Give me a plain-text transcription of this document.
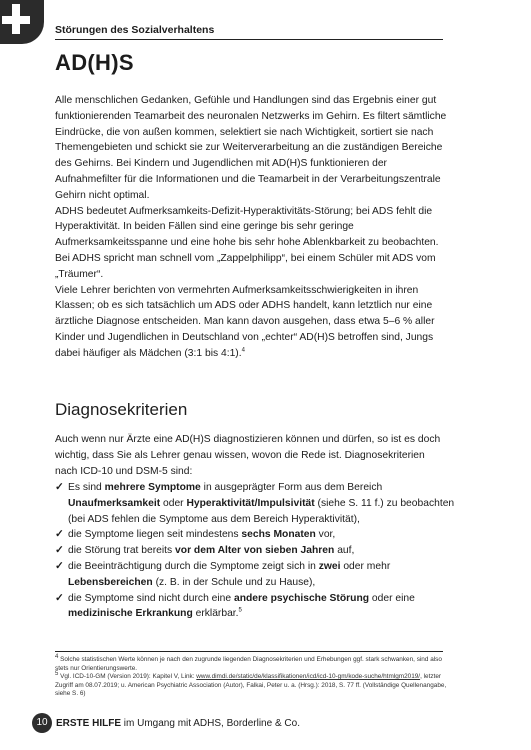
Störungen des Sozialverhaltens
AD(H)S

Alle menschlichen Gedanken, Gefühle und Handlungen sind das Ergebnis einer gut funktionierenden Teamarbeit des neuronalen Netzwerks im Gehirn. Es filtert sämtliche Eindrücke, die von außen kommen, selektiert sie nach Wichtigkeit, sortiert sie nach Themengebieten und schickt sie zur Weiterverarbeitung an die zuständigen Bereiche des Gehirns. Bei Kindern und Jugendlichen mit AD(H)S funktionieren der Aufnahmefilter für die Informationen und die Teamarbeit in der Verarbeitungszentrale Gehirn nicht optimal.

ADHS bedeutet Aufmerksamkeits-Defizit-Hyperaktivitäts-Störung; bei ADS fehlt die Hyperaktivität. In beiden Fällen sind eine geringe bis sehr geringe Aufmerksamkeitsspanne und eine hohe bis sehr hohe Ablenkbarkeit zu beobachten. Bei ADHS spricht man schnell vom „Zappelphilipp“, bei einem Schüler mit ADS vom „Träumer“.

Viele Lehrer berichten von vermehrten Aufmerksamkeitsschwierigkeiten in ihren Klassen; ob es sich tatsächlich um ADS oder ADHS handelt, kann letztlich nur eine ärztliche Diagnose entscheiden. Man kann davon ausgehen, dass etwa 5–6 % aller Kinder und Jugendlichen in Deutschland von „echter“ AD(H)S betroffen sind, Jungs dabei häufiger als Mädchen (3:1 bis 4:1).$^4$

Diagnosekriterien

Auch wenn nur Ärzte eine AD(H)S diagnostizieren können und dürfen, so ist es doch wichtig, dass Sie als Lehrer genau wissen, wovon die Rede ist. Diagnosekriterien nach ICD-10 und DSM-5 sind:

✓ Es sind mehrere Symptome in ausgeprägter Form aus dem Bereich Unaufmerksamkeit oder Hyperaktivität/Impulsivität (siehe S. 11 f.) zu beobachten (bei ADS fehlen die Symptome aus dem Bereich Hyperaktivität),
✓ die Symptome liegen seit mindestens sechs Monaten vor,
✓ die Störung trat bereits vor dem Alter von sieben Jahren auf,
✓ die Beeinträchtigung durch die Symptome zeigt sich in zwei oder mehr Lebensbereichen (z. B. in der Schule und zu Hause),
✓ die Symptome sind nicht durch eine andere psychische Störung oder eine medizinische Erkrankung erklärbar.$^5$

$^4$ Solche statistischen Werte können je nach den zugrunde liegenden Diagnosekriterien und Erhebungen ggf. stark schwanken, sind also stets nur Orientierungswerte.

$^5$ Vgl. ICD-10-GM (Version 2019): Kapitel V, Link: www.dimdi.de/static/de/klassifikationen/icd/icd-10-gm/kode-suche/htmlgm2019/, letzter Zugriff am 08.07.2019; u. American Psychiatric Association (Autor), Falkai, Peter u. a. (Hrsg.): 2018, S. 77 ff. (Vollständige Quellenangabe, siehe S. 6)

10 ERSTE HILFE im Umgang mit ADHS, Borderline & Co.
